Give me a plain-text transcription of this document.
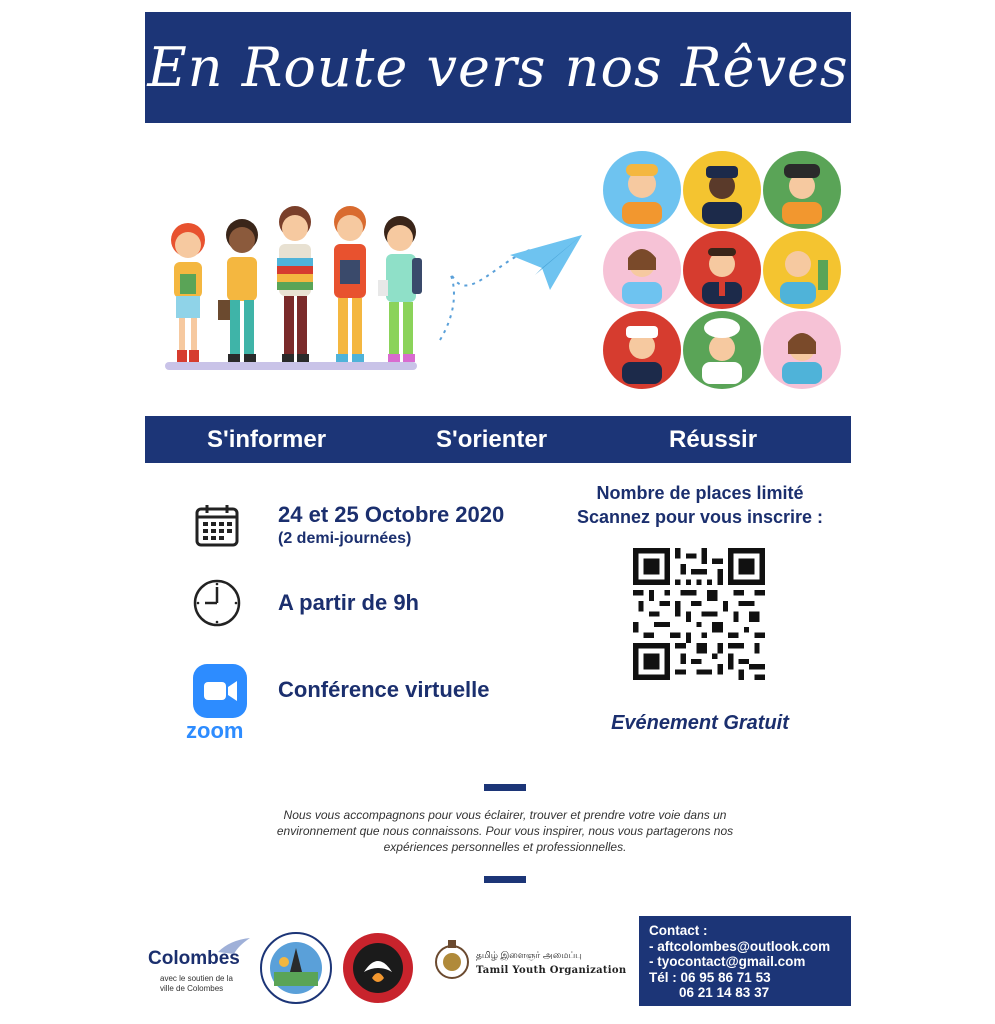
En Route vers nos Rêves
S'informer	S'orienter	Réussir
24 et 25 Octobre 2020
(2 demi-journées)
A partir de 9h
zoom
Conférence virtuelle
Nombre de places limité
Scannez pour vous inscrire :
Evénement Gratuit
Nous vous accompagnons pour vous éclairer, trouver et prendre votre voie dans un environnement que nous connaissons. Pour vous inspirer, nous vous partagerons nos expériences personnelles et professionnelles.
Colombes
avec le soutien de la ville de Colombes
தமிழ் இளைஞர் அமைப்பு
Tamil Youth Organization
Contact :
- aftcolombes@outlook.com
- tyocontact@gmail.com
Tél : 06 95 86 71 53
06 21 14 83 37
